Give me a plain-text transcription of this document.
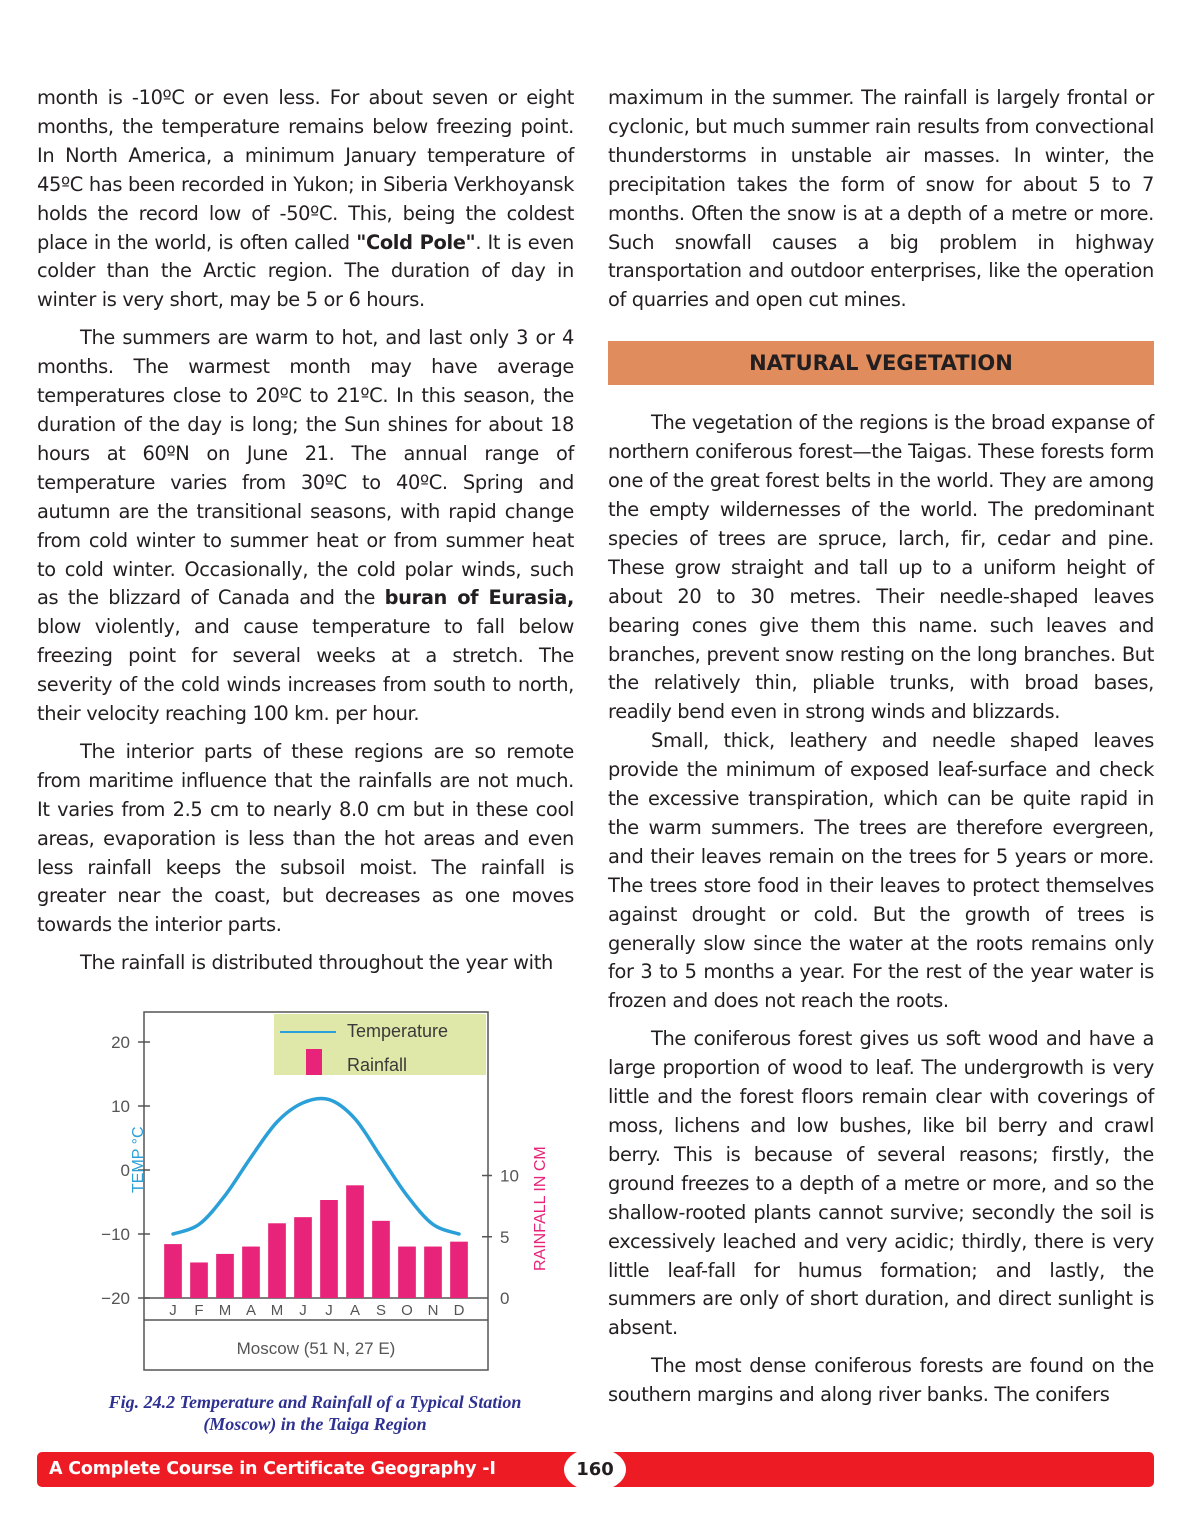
month is -10ºC or even less. For about seven or eight months, the temperature remains below freezing point. In North America, a minimum January temperature of 45ºC has been recorded in Yukon; in Siberia Verkhoyansk holds the record low of -50ºC. This, being the coldest place in the world, is often called "Cold Pole". It is even colder than the Arctic region. The duration of day in winter is very short, may be 5 or 6 hours.

The summers are warm to hot, and last only 3 or 4 months. The warmest month may have average temperatures close to 20ºC to 21ºC. In this season, the duration of the day is long; the Sun shines for about 18 hours at 60ºN on June 21. The annual range of temperature varies from 30ºC to 40ºC. Spring and autumn are the transitional seasons, with rapid change from cold winter to summer heat or from summer heat to cold winter. Occasionally, the cold polar winds, such as the blizzard of Canada and the buran of Eurasia, blow violently, and cause temperature to fall below freezing point for several weeks at a stretch. The severity of the cold winds increases from south to north, their velocity reaching 100 km. per hour.

The interior parts of these regions are so remote from maritime influence that the rainfalls are not much. It varies from 2.5 cm to nearly 8.0 cm but in these cool areas, evaporation is less than the hot areas and even less rainfall keeps the subsoil moist. The rainfall is greater near the coast, but decreases as one moves towards the interior parts.

The rainfall is distributed throughout the year with

Temperature
Rainfall
20
10
0
−10
−20
10
5
0
J F M A M J J A S O N D
TEMP °C	RAINFALL IN CM
Moscow (51 N, 27 E)
Fig. 24.2 Temperature and Rainfall of a Typical Station
(Moscow) in the Taiga Region

maximum in the summer. The rainfall is largely frontal or cyclonic, but much summer rain results from convectional thunderstorms in unstable air masses. In winter, the precipitation takes the form of snow for about 5 to 7 months. Often the snow is at a depth of a metre or more. Such snowfall causes a big problem in highway transportation and outdoor enterprises, like the operation of quarries and open cut mines.

NATURAL VEGETATION

The vegetation of the regions is the broad expanse of northern coniferous forest—the Taigas. These forests form one of the great forest belts in the world. They are among the empty wildernesses of the world. The predominant species of trees are spruce, larch, fir, cedar and pine. These grow straight and tall up to a uniform height of about 20 to 30 metres. Their needle-shaped leaves bearing cones give them this name. such leaves and branches, prevent snow resting on the long branches. But the relatively thin, pliable trunks, with broad bases, readily bend even in strong winds and blizzards.

Small, thick, leathery and needle shaped leaves provide the minimum of exposed leaf-surface and check the excessive transpiration, which can be quite rapid in the warm summers. The trees are therefore evergreen, and their leaves remain on the trees for 5 years or more. The trees store food in their leaves to protect themselves against drought or cold. But the growth of trees is generally slow since the water at the roots remains only for 3 to 5 months a year. For the rest of the year water is frozen and does not reach the roots.

The coniferous forest gives us soft wood and have a large proportion of wood to leaf. The undergrowth is very little and the forest floors remain clear with coverings of moss, lichens and low bushes, like bil berry and crawl berry. This is because of several reasons; firstly, the ground freezes to a depth of a metre or more, and so the shallow-rooted plants cannot survive; secondly the soil is excessively leached and very acidic; thirdly, there is very little leaf-fall for humus formation; and lastly, the summers are only of short duration, and direct sunlight is absent.

The most dense coniferous forests are found on the southern margins and along river banks. The conifers

A Complete Course in Certificate Geography -I	160
